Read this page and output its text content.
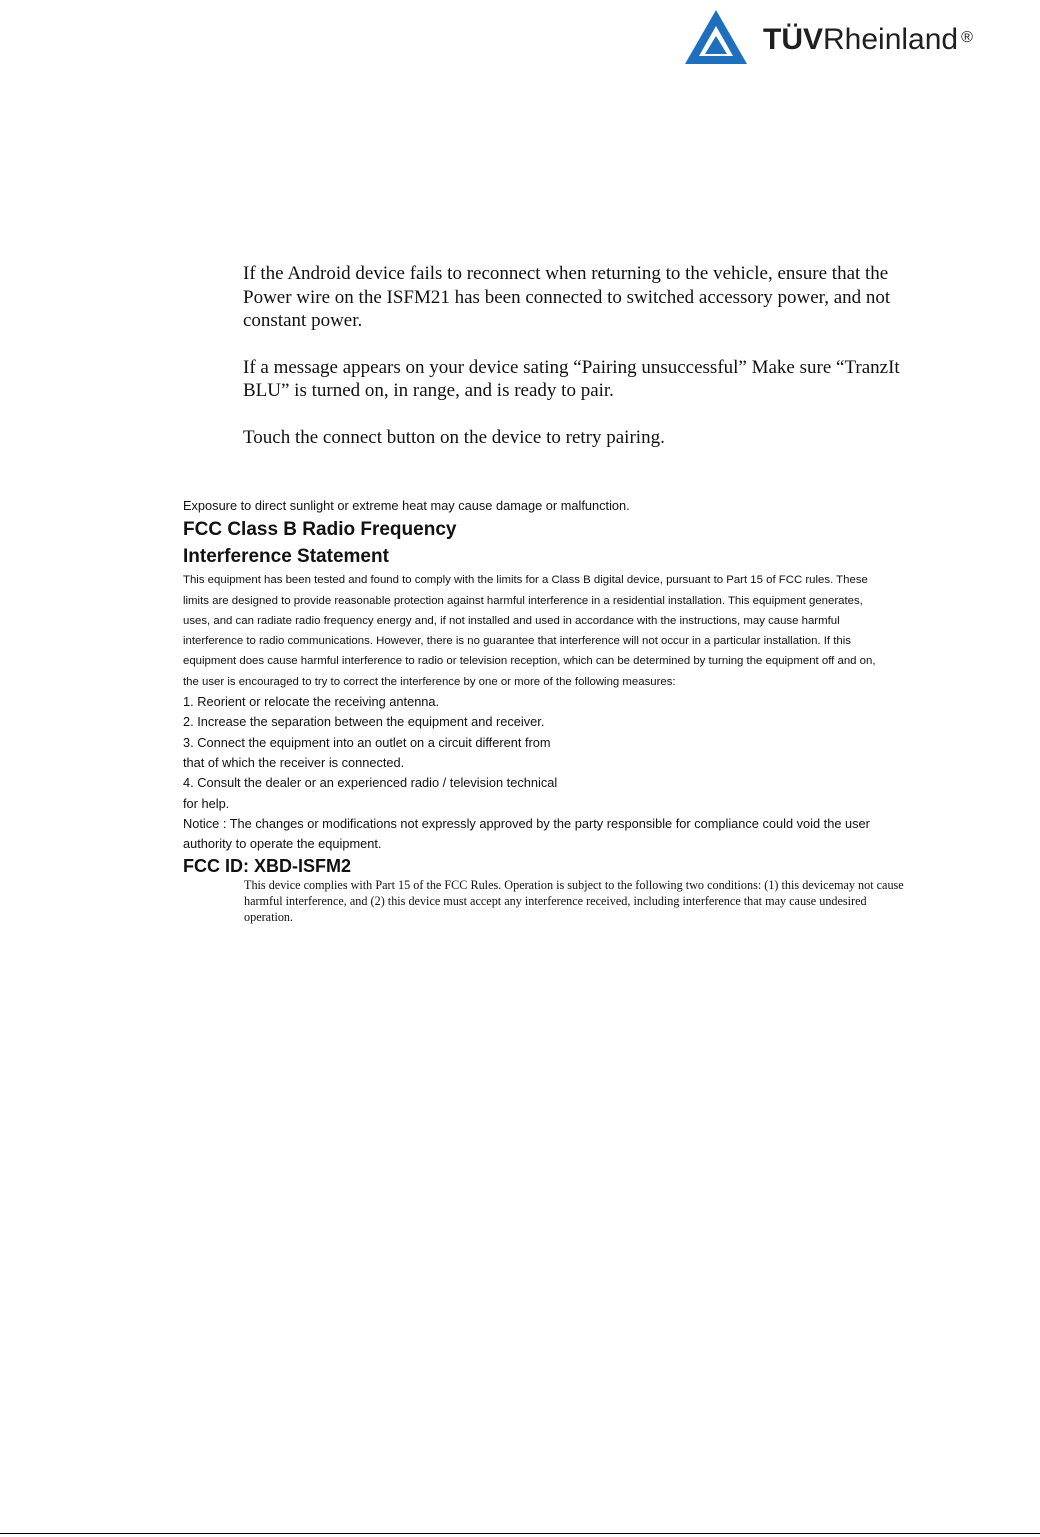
TÜVRheinland ®

If the Android device fails to reconnect when returning to the vehicle, ensure that the Power wire on the ISFM21 has been connected to switched accessory power, and not constant power.

If a message appears on your device sating “Pairing unsuccessful” Make sure “TranzIt BLU” is turned on, in range, and is ready to pair.

Touch the connect button on the device to retry pairing.

Exposure to direct sunlight or extreme heat may cause damage or malfunction.
FCC Class B Radio Frequency
Interference Statement
This equipment has been tested and found to comply with the limits for a Class B digital device, pursuant to Part 15 of FCC rules. These
limits are designed to provide reasonable protection against harmful interference in a residential installation. This equipment generates,
uses, and can radiate radio frequency energy and, if not installed and used in accordance with the instructions, may cause harmful
interference to radio communications. However, there is no guarantee that interference will not occur in a particular installation. If this
equipment does cause harmful interference to radio or television reception, which can be determined by turning the equipment off and on,
the user is encouraged to try to correct the interference by one or more of the following measures:
1. Reorient or relocate the receiving antenna.
2. Increase the separation between the equipment and receiver.
3. Connect the equipment into an outlet on a circuit different from
that of which the receiver is connected.
4. Consult the dealer or an experienced radio / television technical
for help.
Notice : The changes or modifications not expressly approved by the party responsible for compliance could void the user
authority to operate the equipment.
FCC ID: XBD-ISFM2
This device complies with Part 15 of the FCC Rules. Operation is subject to the following two conditions: (1) this devicemay not cause harmful interference, and (2) this device must accept any interference received, including interference that may cause undesired operation.
